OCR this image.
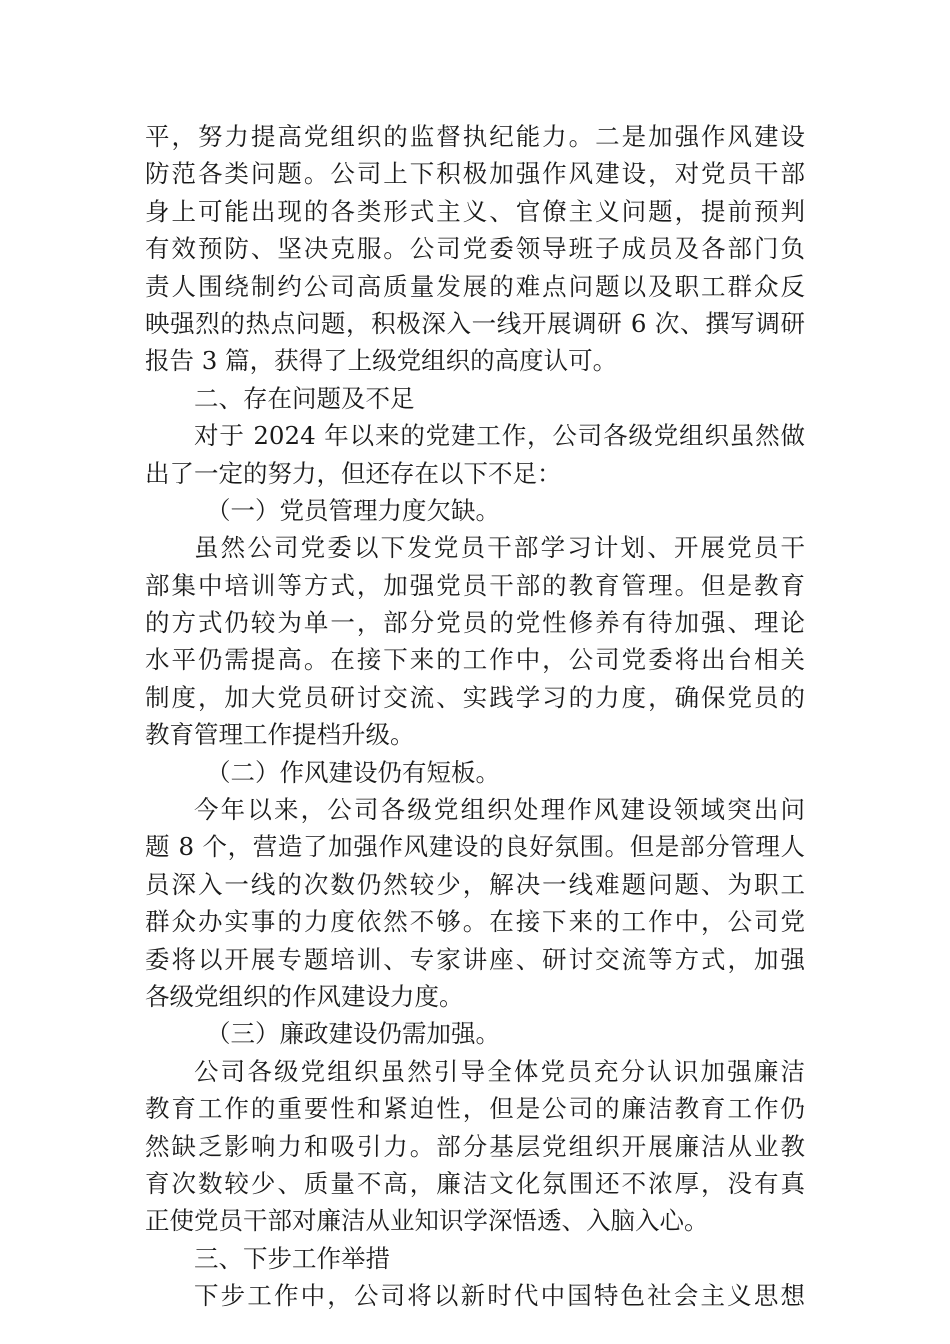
平，努力提高党组织的监督执纪能力。二是加强作风建设
防范各类问题。公司上下积极加强作风建设，对党员干部
身上可能出现的各类形式主义、官僚主义问题，提前预判
有效预防、坚决克服。公司党委领导班子成员及各部门负
责人围绕制约公司高质量发展的难点问题以及职工群众反
映强烈的热点问题，积极深入一线开展调研 6 次、撰写调研
报告 3 篇，获得了上级党组织的高度认可。
二、存在问题及不足
对于 2024 年以来的党建工作，公司各级党组织虽然做
出了一定的努力，但还存在以下不足：
（一）党员管理力度欠缺。
虽然公司党委以下发党员干部学习计划、开展党员干
部集中培训等方式，加强党员干部的教育管理。但是教育
的方式仍较为单一，部分党员的党性修养有待加强、理论
水平仍需提高。在接下来的工作中，公司党委将出台相关
制度，加大党员研讨交流、实践学习的力度，确保党员的
教育管理工作提档升级。
（二）作风建设仍有短板。
今年以来，公司各级党组织处理作风建设领域突出问
题 8 个，营造了加强作风建设的良好氛围。但是部分管理人
员深入一线的次数仍然较少，解决一线难题问题、为职工
群众办实事的力度依然不够。在接下来的工作中，公司党
委将以开展专题培训、专家讲座、研讨交流等方式，加强
各级党组织的作风建设力度。
（三）廉政建设仍需加强。
公司各级党组织虽然引导全体党员充分认识加强廉洁
教育工作的重要性和紧迫性，但是公司的廉洁教育工作仍
然缺乏影响力和吸引力。部分基层党组织开展廉洁从业教
育次数较少、质量不高，廉洁文化氛围还不浓厚，没有真
正使党员干部对廉洁从业知识学深悟透、入脑入心。
三、下步工作举措
下步工作中，公司将以新时代中国特色社会主义思想
